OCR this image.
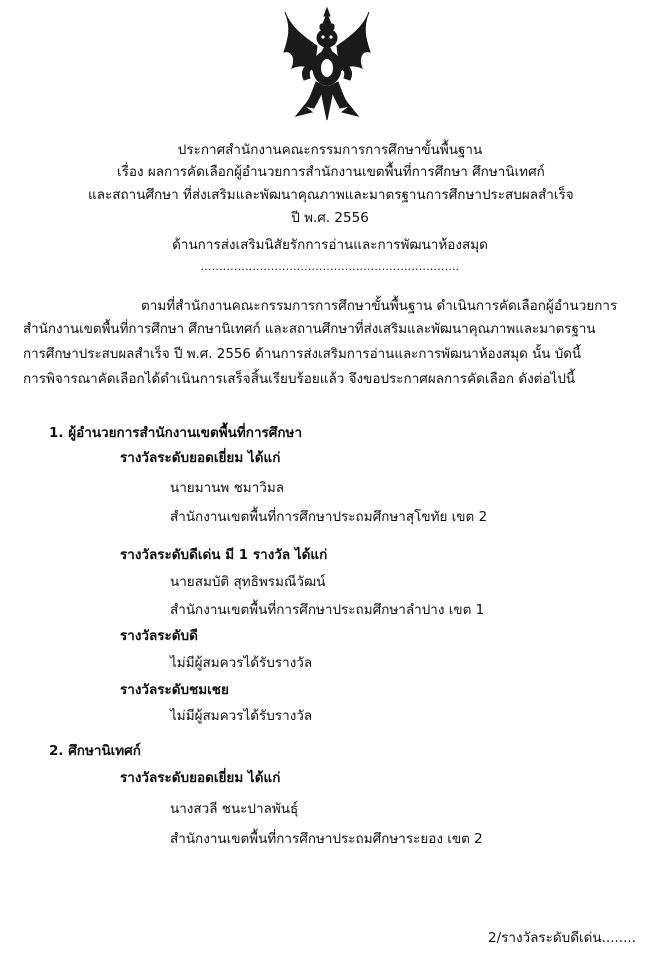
ประกาศสำนักงานคณะกรรมการการศึกษาขั้นพื้นฐาน
เรื่อง ผลการคัดเลือกผู้อำนวยการสำนักงานเขตพื้นที่การศึกษา ศึกษานิเทศก์
และสถานศึกษา ที่ส่งเสริมและพัฒนาคุณภาพและมาตรฐานการศึกษาประสบผลสำเร็จ
ปี พ.ศ. 2556
ด้านการส่งเสริมนิสัยรักการอ่านและการพัฒนาห้องสมุด
......................................................................
ตามที่สำนักงานคณะกรรมการการศึกษาขั้นพื้นฐาน ดำเนินการคัดเลือกผู้อำนวยการ
สำนักงานเขตพื้นที่การศึกษา ศึกษานิเทศก์ และสถานศึกษาที่ส่งเสริมและพัฒนาคุณภาพและมาตรฐาน
การศึกษาประสบผลสำเร็จ ปี พ.ศ. 2556 ด้านการส่งเสริมการอ่านและการพัฒนาห้องสมุด นั้น บัดนี้
การพิจารณาคัดเลือกได้ดำเนินการเสร็จสิ้นเรียบร้อยแล้ว จึงขอประกาศผลการคัดเลือก ดังต่อไปนี้
1. ผู้อำนวยการสำนักงานเขตพื้นที่การศึกษา
รางวัลระดับยอดเยี่ยม ได้แก่
นายมานพ ชมาวิมล
สำนักงานเขตพื้นที่การศึกษาประถมศึกษาสุโขทัย เขต 2
รางวัลระดับดีเด่น มี 1 รางวัล ได้แก่
นายสมบัติ สุทธิพรมณีวัฒน์
สำนักงานเขตพื้นที่การศึกษาประถมศึกษาลำปาง เขต 1
รางวัลระดับดี
ไม่มีผู้สมควรได้รับรางวัล
รางวัลระดับชมเชย
ไม่มีผู้สมควรได้รับรางวัล
2. ศึกษานิเทศก์
รางวัลระดับยอดเยี่ยม ได้แก่
นางสวลี ชนะปาลพันธุ์
สำนักงานเขตพื้นที่การศึกษาประถมศึกษาระยอง เขต 2
2/รางวัลระดับดีเด่น........
